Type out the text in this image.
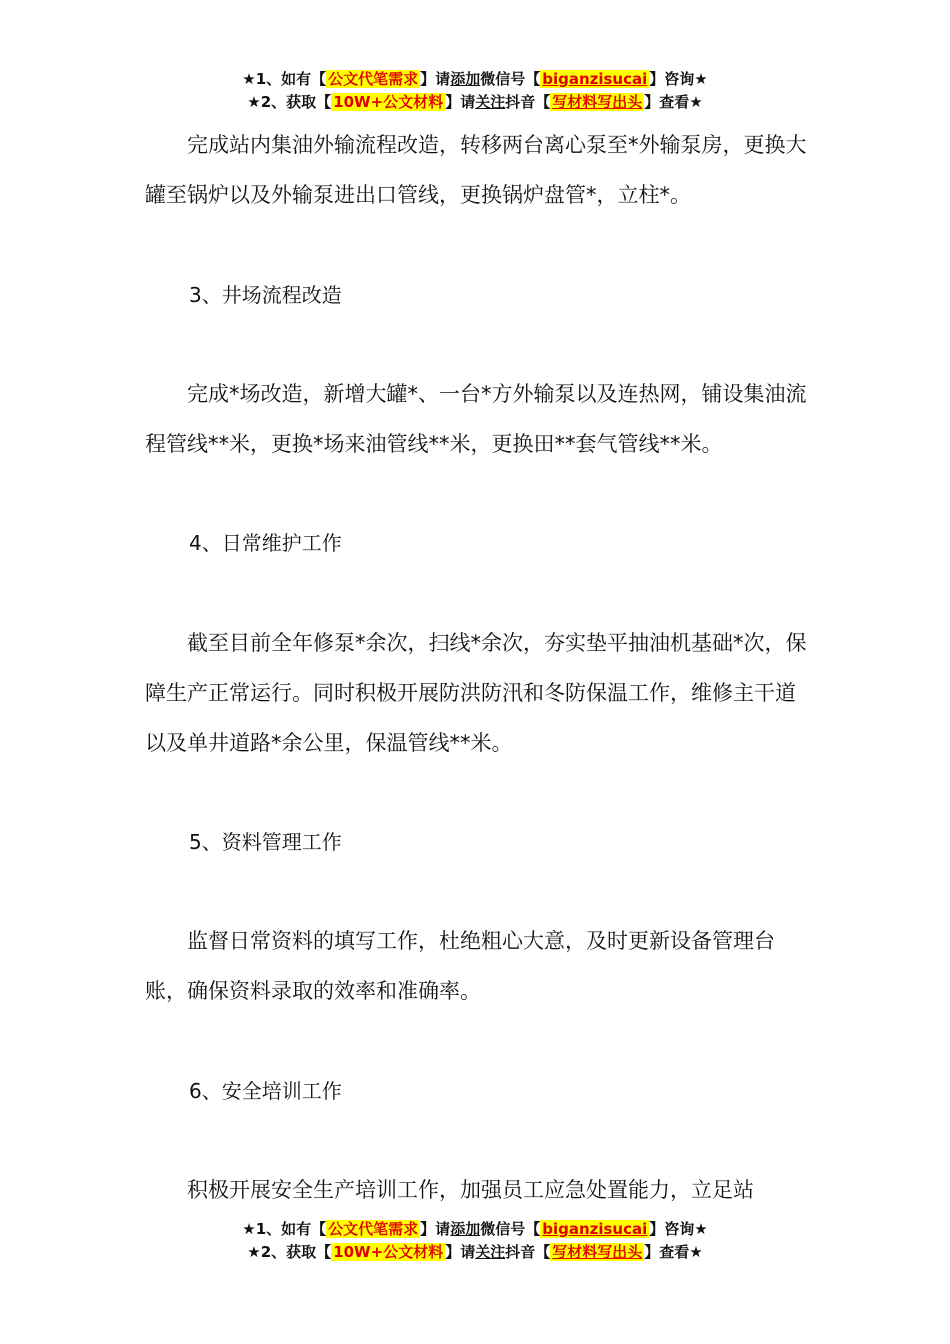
★1、如有【 公文代笔需求 】请添加微信号【 biganzisucai 】咨询★
★2、获取【 10W+公文材料 】请关注抖音【 写材料写出头 】查看★
完成站内集油外输流程改造，转移两台离心泵至*外输泵房，更换大罐至锅炉以及外输泵进出口管线，更换锅炉盘管*，立柱*。
3、井场流程改造
完成*场改造，新增大罐*、一台*方外输泵以及连热网，铺设集油流程管线**米，更换*场来油管线**米，更换田**套气管线**米。
4、日常维护工作
截至目前全年修泵*余次，扫线*余次，夯实垫平抽油机基础*次，保障生产正常运行。同时积极开展防洪防汛和冬防保温工作，维修主干道以及单井道路*余公里，保温管线**米。
5、资料管理工作
监督日常资料的填写工作，杜绝粗心大意，及时更新设备管理台账，确保资料录取的效率和准确率。
6、安全培训工作
积极开展安全生产培训工作，加强员工应急处置能力，立足站
★1、如有【 公文代笔需求 】请添加微信号【 biganzisucai 】咨询★
★2、获取【 10W+公文材料 】请关注抖音【 写材料写出头 】查看★
